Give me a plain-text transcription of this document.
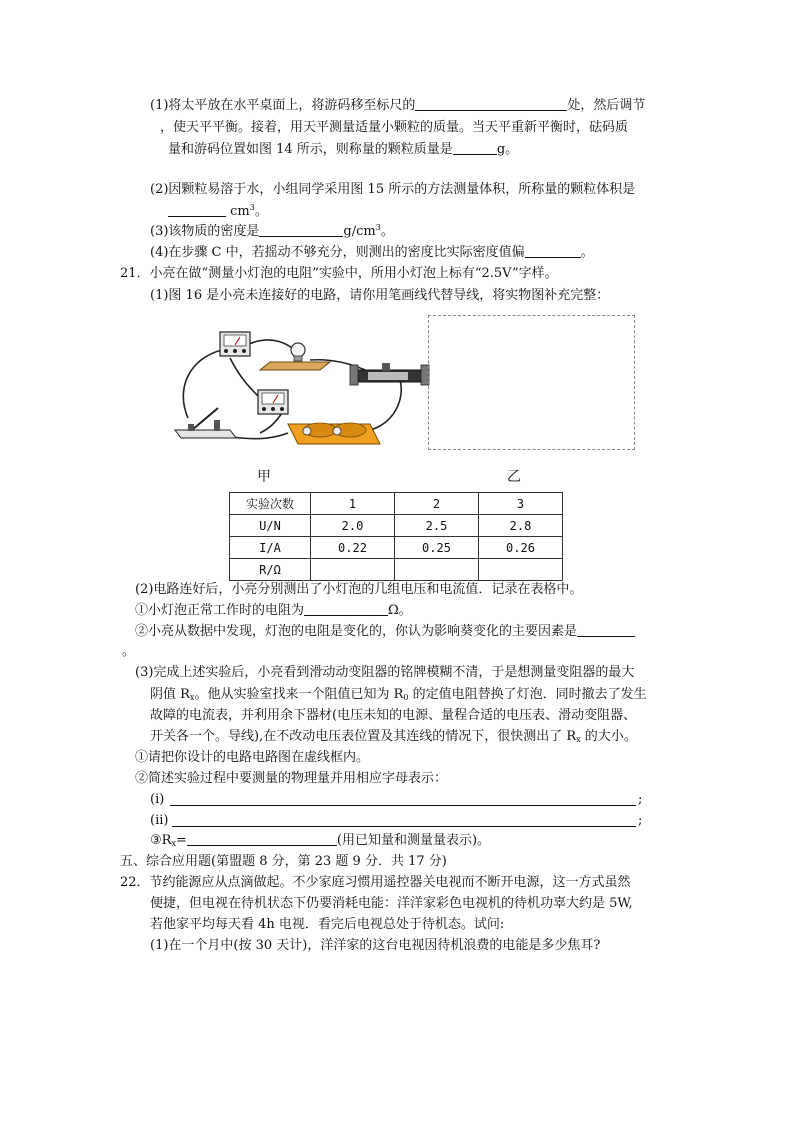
(1)将太平放在水平桌面上，将游码移至标尺的	处，然后调节
，使天平平衡。接着，用天平测量适量小颗粒的质量。当天平重新平衡时，砝码质
量和游码位置如图 14 所示，则称量的颗粒质量是	g。
(2)因颗粒易溶于水，小组同学采用图 15 所示的方法测量体积，所称量的颗粒体积是
$cm^3$。
(3)该物质的密度是	$g/cm^3$。
(4)在步骤 C 中，若摇动不够充分，则测出的密度比实际密度值偏	。
21．小亮在做“测量小灯泡的电阻”实验中，所用小灯泡上标有“2.5V”字样。
(1)图 16 是小亮未连接好的电路，请你用笔画线代替导线，将实物图补充完整：
甲	乙
实验次数	1	2	3
U/N	2.0	2.5	2.8
I/A	0.22	0.25	0.26
R/Ω			
(2)电路连好后，小亮分别测出了小灯泡的几组电压和电流值．记录在表格中。
①小灯泡正常工作时的电阻为	Ω。
②小亮从数据中发现，灯泡的电阻是变化的，你认为影响葵变化的主要因素是
。
(3)完成上述实验后，小亮看到滑动动变阻器的铭牌模糊不清，于是想测量变阻器的最大
阴值 $R_x$。他从实验室找来一个阻值已知为 $R_0$ 的定值电阻替换了灯泡．同时撤去了发生
故障的电流表，并利用余下器材(电压未知的电源、量程合适的电压表、滑动变阻器、
开关各一个。导线),在不改动电压表位置及其连线的情况下，很快测出了 $R_x$ 的大小。
①请把你设计的电路电路图在虚线框内。
②简述实验过程中要测量的物理量并用相应字母表示：
(i)	;
(ii)	;
$③R_x=$	(用已知量和测量量表示)。
五、综合应用题(第盟题 8 分，第 23 题 9 分．共 17 分)
22．节约能源应从点滴做起。不少家庭习惯用遥控器关电视而不断开电源，这一方式虽然
便捷，但电视在待机状态下仍要消耗电能：洋洋家彩色电视机的待机功辜大约是 5W,
若他家平均每天看 4h 电视．看完后电视总处于待机态。试问:
(1)在一个月中(按 30 天计)，洋洋家的这台电视因待机浪费的电能是多少焦耳?
